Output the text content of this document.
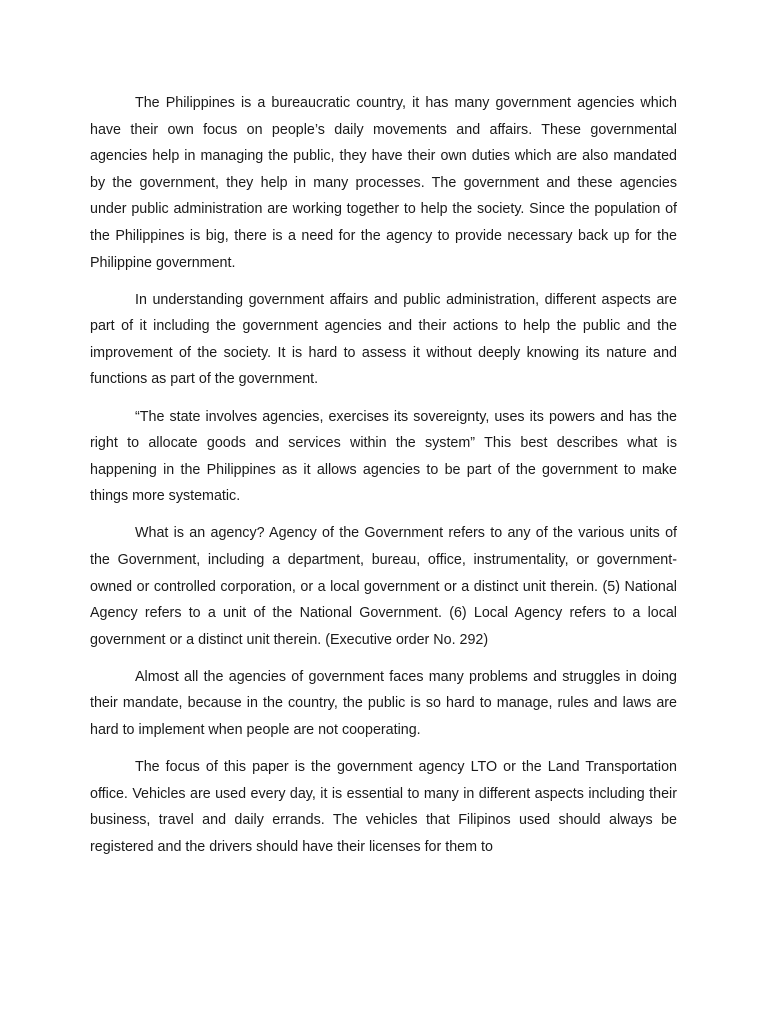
The Philippines is a bureaucratic country, it has many government agencies which have their own focus on people’s daily movements and affairs. These governmental agencies help in managing the public, they have their own duties which are also mandated by the government, they help in many processes. The government and these agencies under public administration are working together to help the society. Since the population of the Philippines is big, there is a need for the agency to provide necessary back up for the Philippine government.

In understanding government affairs and public administration, different aspects are part of it including the government agencies and their actions to help the public and the improvement of the society. It is hard to assess it without deeply knowing its nature and functions as part of the government.

“The state involves agencies, exercises its sovereignty, uses its powers and has the right to allocate goods and services within the system” This best describes what is happening in the Philippines as it allows agencies to be part of the government to make things more systematic.

What is an agency? Agency of the Government refers to any of the various units of the Government, including a department, bureau, office, instrumentality, or government-owned or controlled corporation, or a local government or a distinct unit therein. (5) National Agency refers to a unit of the National Government. (6) Local Agency refers to a local government or a distinct unit therein. (Executive order No. 292)

Almost all the agencies of government faces many problems and struggles in doing their mandate, because in the country, the public is so hard to manage, rules and laws are hard to implement when people are not cooperating.

The focus of this paper is the government agency LTO or the Land Transportation office. Vehicles are used every day, it is essential to many in different aspects including their business, travel and daily errands. The vehicles that Filipinos used should always be registered and the drivers should have their licenses for them to
